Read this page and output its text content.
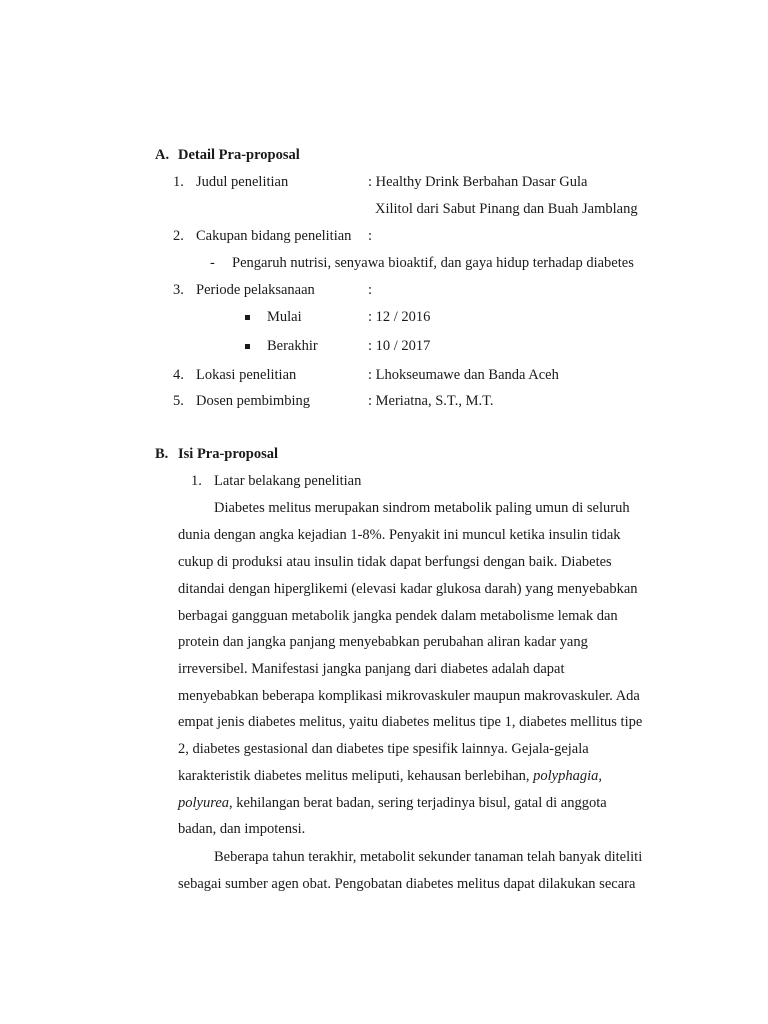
A. Detail Pra-proposal
1. Judul penelitian	: Healthy Drink Berbahan Dasar Gula
Xilitol dari Sabut Pinang dan Buah Jamblang
2. Cakupan bidang penelitian :
- Pengaruh nutrisi, senyawa bioaktif, dan gaya hidup terhadap diabetes
3. Periode pelaksanaan	:
Mulai	: 12 / 2016
Berakhir	: 10 / 2017
4. Lokasi penelitian	: Lhokseumawe dan Banda Aceh
5. Dosen pembimbing	: Meriatna, S.T., M.T.
B. Isi Pra-proposal
1. Latar belakang penelitian
Diabetes melitus merupakan sindrom metabolik paling umun di seluruh
dunia dengan angka kejadian 1-8%. Penyakit ini muncul ketika insulin tidak
cukup di produksi atau insulin tidak dapat berfungsi dengan baik. Diabetes
ditandai dengan hiperglikemi (elevasi kadar glukosa darah) yang menyebabkan
berbagai gangguan metabolik jangka pendek dalam metabolisme lemak dan
protein dan jangka panjang menyebabkan perubahan aliran kadar yang
irreversibel. Manifestasi jangka panjang dari diabetes adalah dapat
menyebabkan beberapa komplikasi mikrovaskuler maupun makrovaskuler. Ada
empat jenis diabetes melitus, yaitu diabetes melitus tipe 1, diabetes mellitus tipe
2, diabetes gestasional dan diabetes tipe spesifik lainnya. Gejala-gejala
karakteristik diabetes melitus meliputi, kehausan berlebihan, polyphagia,
polyurea, kehilangan berat badan, sering terjadinya bisul, gatal di anggota
badan, dan impotensi.
Beberapa tahun terakhir, metabolit sekunder tanaman telah banyak diteliti
sebagai sumber agen obat. Pengobatan diabetes melitus dapat dilakukan secara
